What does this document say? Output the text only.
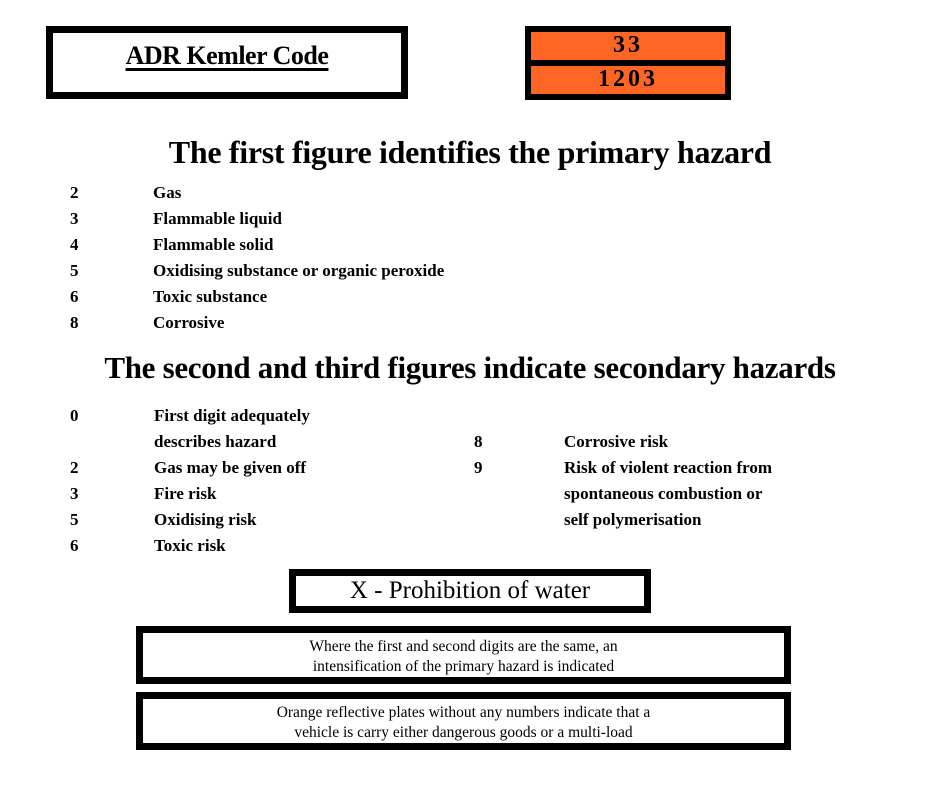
ADR Kemler Code	33
1203
The first figure identifies the primary hazard
2	Gas
3	Flammable liquid
4	Flammable solid
5	Oxidising substance or organic peroxide
6	Toxic substance
8	Corrosive
The second and third figures indicate secondary hazards
0	First digit adequately
describes hazard
2	Gas may be given off
3	Fire risk
5	Oxidising risk
6	Toxic risk
8	Corrosive risk
9	Risk of violent reaction from
spontaneous combustion or
self polymerisation
X - Prohibition of water
Where the first and second digits are the same, an
intensification of the primary hazard is indicated
Orange reflective plates without any numbers indicate that a
vehicle is carry either dangerous goods or a multi-load
